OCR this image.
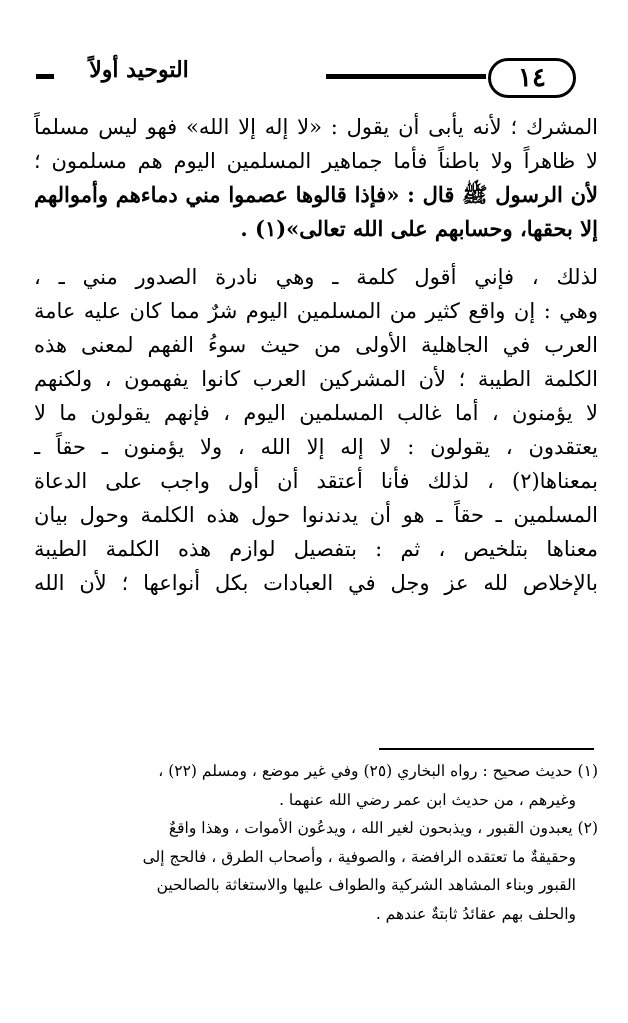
١٤
التوحيد أولاً
المشرك ؛ لأنه يأبى أن يقول : «لا إله إلا الله» فهو ليس مسلماً
لا ظاهراً ولا باطناً فأما جماهير المسلمين اليوم هم مسلمون ؛
لأن الرسول ﷺ قال : «فإذا قالوها عصموا مني دماءهم وأموالهم
إلا بحقها، وحسابهم على الله تعالى»(١) .
لذلك ، فإني أقول كلمة ـ وهي نادرة الصدور مني ـ ،
وهي : إن واقع كثير من المسلمين اليوم شرٌ مما كان عليه عامة
العرب في الجاهلية الأولى من حيث سوءُ الفهم لمعنى هذه
الكلمة الطيبة ؛ لأن المشركين العرب كانوا يفهمون ، ولكنهم
لا يؤمنون ، أما غالب المسلمين اليوم ، فإنهم يقولون ما لا
يعتقدون ، يقولون : لا إله إلا الله ، ولا يؤمنون ـ حقاً ـ
بمعناها(٢) ، لذلك فأنا أعتقد أن أول واجب على الدعاة
المسلمين ـ حقاً ـ هو أن يدندنوا حول هذه الكلمة وحول بيان
معناها بتلخيص ، ثم : بتفصيل لوازم هذه الكلمة الطيبة
بالإخلاص لله عز وجل في العبادات بكل أنواعها ؛ لأن الله
(١) حديث صحيح : رواه البخاري (٢٥) وفي غير موضع ، ومسلم (٢٢) ،
وغيرهم ، من حديث ابن عمر رضي الله عنهما .
(٢) يعبدون القبور ، ويذبحون لغير الله ، ويدعُون الأموات ، وهذا واقعٌ
وحقيقةٌ ما تعتقده الرافضة ، والصوفية ، وأصحاب الطرق ، فالحج إلى
القبور وبناء المشاهد الشركية والطواف عليها والاستغاثة بالصالحين
والحلف بهم عقائدُ ثابتةٌ عندهم .
